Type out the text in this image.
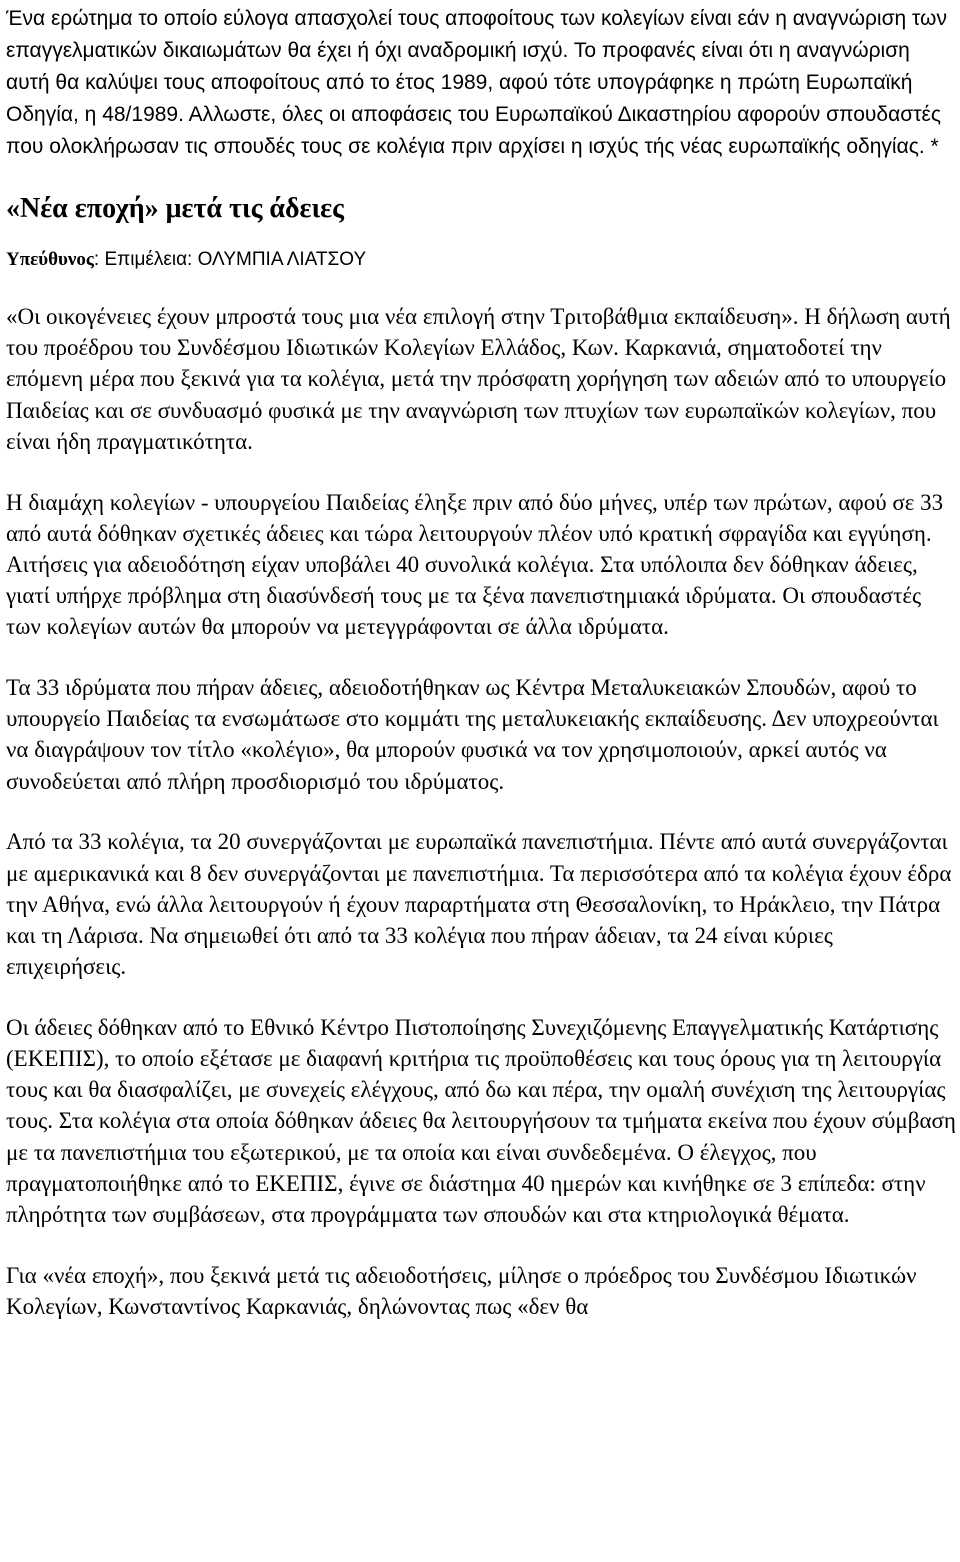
Ένα ερώτημα το οποίο εύλογα απασχολεί τους αποφοίτους των κολεγίων είναι εάν η αναγνώριση των επαγγελματικών δικαιωμάτων θα έχει ή όχι αναδρομική ισχύ. Το προφανές είναι ότι η αναγνώριση αυτή θα καλύψει τους αποφοίτους από το έτος 1989, αφού τότε υπογράφηκε η πρώτη Ευρωπαϊκή Οδηγία, η 48/1989. Αλλωστε, όλες οι αποφάσεις του Ευρωπαϊκού Δικαστηρίου αφορούν σπουδαστές που ολοκλήρωσαν τις σπουδές τους σε κολέγια πριν αρχίσει η ισχύς τής νέας ευρωπαϊκής οδηγίας. *

«Νέα εποχή» μετά τις άδειες
Υπεύθυνος: Επιμέλεια: ΟΛΥΜΠΙΑ ΛΙΑΤΣΟΥ

«Οι οικογένειες έχουν μπροστά τους μια νέα επιλογή στην Τριτοβάθμια εκπαίδευση». Η δήλωση αυτή του προέδρου του Συνδέσμου Ιδιωτικών Κολεγίων Ελλάδος, Κων. Καρκανιά, σηματοδοτεί την επόμενη μέρα που ξεκινά για τα κολέγια, μετά την πρόσφατη χορήγηση των αδειών από το υπουργείο Παιδείας και σε συνδυασμό φυσικά με την αναγνώριση των πτυχίων των ευρωπαϊκών κολεγίων, που είναι ήδη πραγματικότητα.

Η διαμάχη κολεγίων - υπουργείου Παιδείας έληξε πριν από δύο μήνες, υπέρ των πρώτων, αφού σε 33 από αυτά δόθηκαν σχετικές άδειες και τώρα λειτουργούν πλέον υπό κρατική σφραγίδα και εγγύηση. Αιτήσεις για αδειοδότηση είχαν υποβάλει 40 συνολικά κολέγια. Στα υπόλοιπα δεν δόθηκαν άδειες, γιατί υπήρχε πρόβλημα στη διασύνδεσή τους με τα ξένα πανεπιστημιακά ιδρύματα. Οι σπουδαστές των κολεγίων αυτών θα μπορούν να μετεγγράφονται σε άλλα ιδρύματα.

Τα 33 ιδρύματα που πήραν άδειες, αδειοδοτήθηκαν ως Κέντρα Μεταλυκειακών Σπουδών, αφού το υπουργείο Παιδείας τα ενσωμάτωσε στο κομμάτι της μεταλυκειακής εκπαίδευσης. Δεν υποχρεούνται να διαγράψουν τον τίτλο «κολέγιο», θα μπορούν φυσικά να τον χρησιμοποιούν, αρκεί αυτός να συνοδεύεται από πλήρη προσδιορισμό του ιδρύματος.

Από τα 33 κολέγια, τα 20 συνεργάζονται με ευρωπαϊκά πανεπιστήμια. Πέντε από αυτά συνεργάζονται με αμερικανικά και 8 δεν συνεργάζονται με πανεπιστήμια. Τα περισσότερα από τα κολέγια έχουν έδρα την Αθήνα, ενώ άλλα λειτουργούν ή έχουν παραρτήματα στη Θεσσαλονίκη, το Ηράκλειο, την Πάτρα και τη Λάρισα. Να σημειωθεί ότι από τα 33 κολέγια που πήραν άδειαν, τα 24 είναι κύριες επιχειρήσεις.

Οι άδειες δόθηκαν από το Εθνικό Κέντρο Πιστοποίησης Συνεχιζόμενης Επαγγελματικής Κατάρτισης (ΕΚΕΠΙΣ), το οποίο εξέτασε με διαφανή κριτήρια τις προϋποθέσεις και τους όρους για τη λειτουργία τους και θα διασφαλίζει, με συνεχείς ελέγχους, από δω και πέρα, την ομαλή συνέχιση της λειτουργίας τους. Στα κολέγια στα οποία δόθηκαν άδειες θα λειτουργήσουν τα τμήματα εκείνα που έχουν σύμβαση με τα πανεπιστήμια του εξωτερικού, με τα οποία και είναι συνδεδεμένα. Ο έλεγχος, που πραγματοποιήθηκε από το ΕΚΕΠΙΣ, έγινε σε διάστημα 40 ημερών και κινήθηκε σε 3 επίπεδα: στην πληρότητα των συμβάσεων, στα προγράμματα των σπουδών και στα κτηριολογικά θέματα.

Για «νέα εποχή», που ξεκινά μετά τις αδειοδοτήσεις, μίλησε ο πρόεδρος του Συνδέσμου Ιδιωτικών Κολεγίων, Κωνσταντίνος Καρκανιάς, δηλώνοντας πως «δεν θα
